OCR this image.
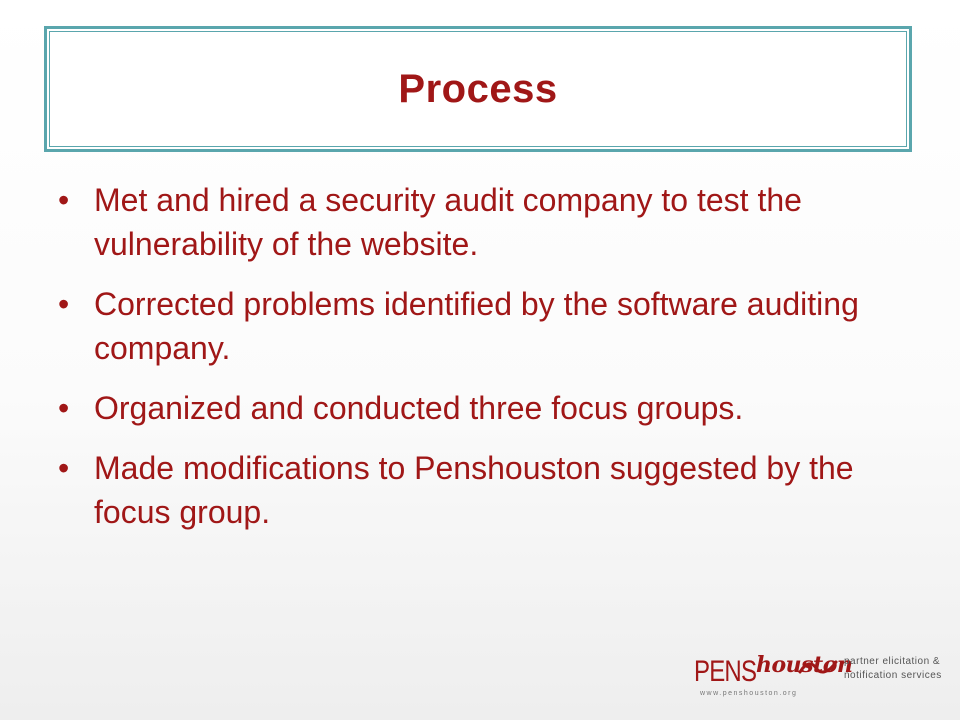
Process
• Met and hired a security audit company to test the vulnerability of the website.
• Corrected problems identified by the software auditing company.
• Organized and conducted three focus groups.
• Made modifications to Penshouston suggested by the focus group.
PENS houston
partner elicitation &
notification services
www.penshouston.org
